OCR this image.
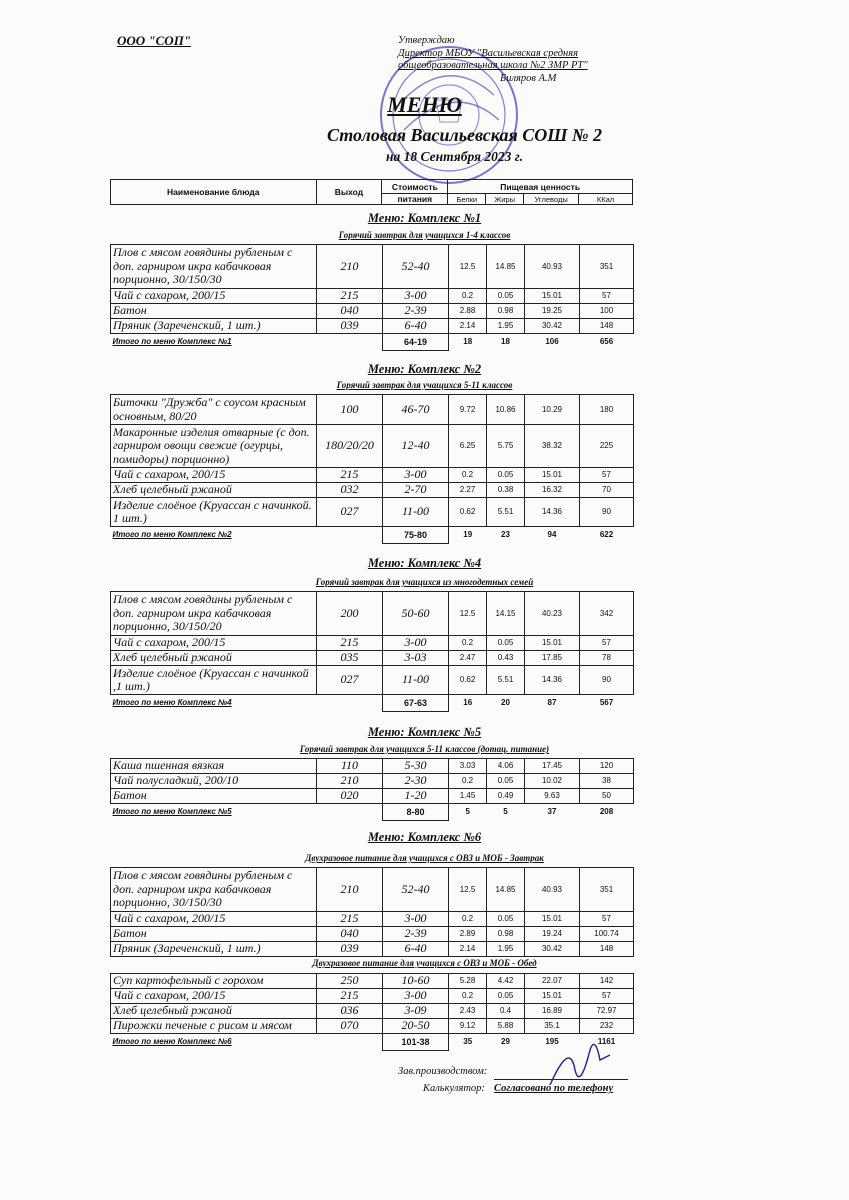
ООО "СОП"	Утверждаю
Директор МБОУ "Васильевская средняя
общеобразовательная школа №2 ЗМР РТ"
Биляров А.М
МЕНЮ
Столовая Васильевская СОШ № 2
на 18 Сентября 2023 г.
Наименование блюда	Выход	Стоимость	Пищевая ценность			
		питания	Белки	Жиры	Углеводы	ККал
Меню: Комплекс №1
Горячий завтрак для учащихся 1-4 классов
Плов с мясом говядины рубленым с доп. гарниром икра кабачковая порционно, 30/150/30	210	52-40	12.5	14.85	40.93	351
Чай с сахаром, 200/15	215	3-00	0.2	0.05	15.01	57
Батон	040	2-39	2.88	0.98	19.25	100
Пряник (Зареченский, 1 шт.)	039	6-40	2.14	1.95	30.42	148
Итого по меню Комплекс №1		64-19	18	18	106	656
Меню: Комплекс №2
Горячий завтрак для учащихся 5-11 классов
Биточки "Дружба" с соусом красным основным, 80/20	100	46-70	9.72	10.86	10.29	180
Макаронные изделия отварные (с доп. гарниром овощи свежие (огурцы, помидоры) порционно)	180/20/20	12-40	6.25	5.75	38.32	225
Чай с сахаром, 200/15	215	3-00	0.2	0.05	15.01	57
Хлеб целебный ржаной	032	2-70	2.27	0.38	16.32	70
Изделие слоёное (Круассан с начинкой. 1 шт.)	027	11-00	0.62	5.51	14.36	90
Итого по меню Комплекс №2		75-80	19	23	94	622
Меню: Комплекс №4
Горячий завтрак для учащихся из многодетных семей
Плов с мясом говядины рубленым с доп. гарниром икра кабачковая порционно, 30/150/20	200	50-60	12.5	14.15	40.23	342
Чай с сахаром, 200/15	215	3-00	0.2	0.05	15.01	57
Хлеб целебный ржаной	035	3-03	2.47	0.43	17.85	78
Изделие слоёное (Круассан с начинкой ,1 шт.)	027	11-00	0.62	5.51	14.36	90
Итого по меню Комплекс №4		67-63	16	20	87	567
Меню: Комплекс №5
Горячий завтрак для учащихся 5-11 классов (дотац. питание)
Каша пшенная вязкая	110	5-30	3.03	4.06	17.45	120
Чай полусладкий, 200/10	210	2-30	0.2	0.05	10.02	38
Батон	020	1-20	1.45	0.49	9.63	50
Итого по меню Комплекс №5		8-80	5	5	37	208
Меню: Комплекс №6
Двухразовое питание для учащихся с ОВЗ и МОБ - Завтрак
Плов с мясом говядины рубленым с доп. гарниром икра кабачковая порционно, 30/150/30	210	52-40	12.5	14.85	40.93	351
Чай с сахаром, 200/15	215	3-00	0.2	0.05	15.01	57
Батон	040	2-39	2.89	0.98	19.24	100.74
Пряник (Зареченский, 1 шт.)	039	6-40	2.14	1.95	30.42	148
Двухразовое питание для учащихся с ОВЗ и МОБ - Обед
Суп картофельный с горохом	250	10-60	5.28	4.42	22.07	142
Чай с сахаром, 200/15	215	3-00	0.2	0.05	15.01	57
Хлеб целебный ржаной	036	3-09	2.43	0.4	16.89	72.97
Пирожки печеные с рисом и мясом	070	20-50	9.12	5.88	35.1	232
Итого по меню Комплекс №6		101-38	35	29	195	1161
Зав.производством:
Калькулятор: Согласовано по телефону
